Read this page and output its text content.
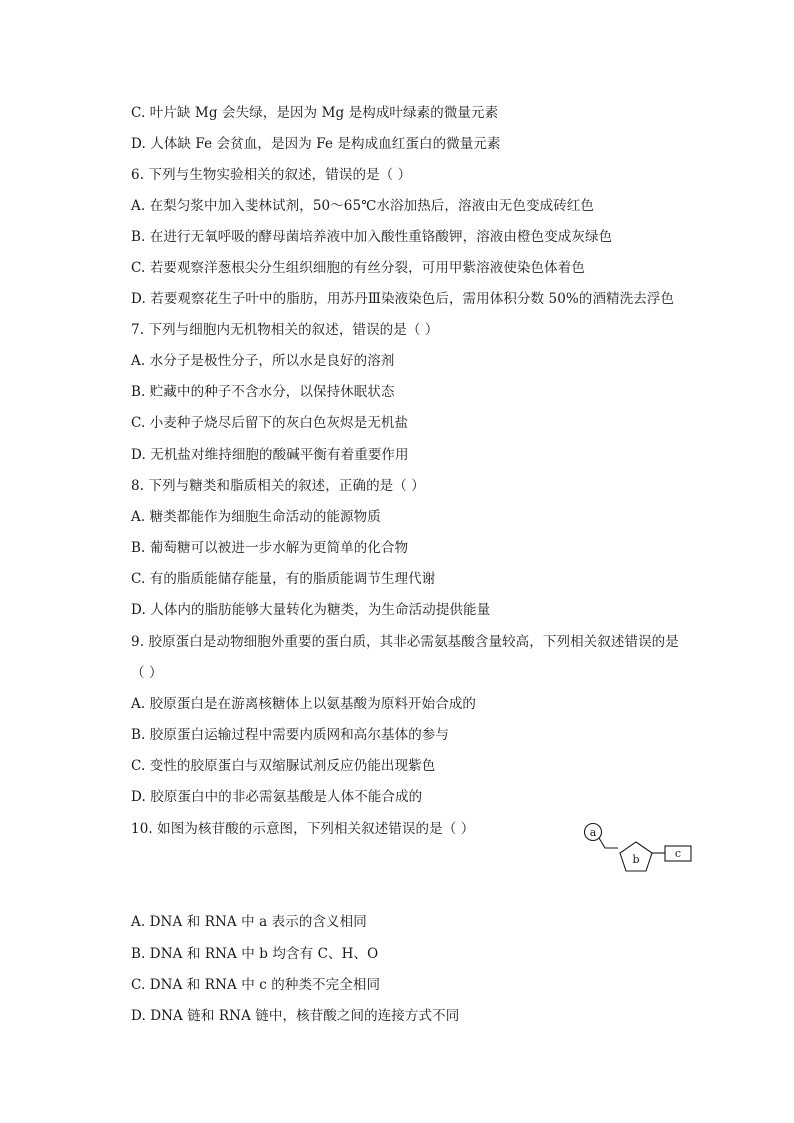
C. 叶片缺 Mg 会失绿，是因为 Mg 是构成叶绿素的微量元素
D. 人体缺 Fe 会贫血，是因为 Fe 是构成血红蛋白的微量元素
6. 下列与生物实验相关的叙述，错误的是（ ）
A. 在梨匀浆中加入斐林试剂，50～65℃水浴加热后，溶液由无色变成砖红色
B. 在进行无氧呼吸的酵母菌培养液中加入酸性重铬酸钾，溶液由橙色变成灰绿色
C. 若要观察洋葱根尖分生组织细胞的有丝分裂，可用甲紫溶液使染色体着色
D. 若要观察花生子叶中的脂肪，用苏丹Ⅲ染液染色后，需用体积分数 50%的酒精洗去浮色
7. 下列与细胞内无机物相关的叙述，错误的是（ ）
A. 水分子是极性分子，所以水是良好的溶剂
B. 贮藏中的种子不含水分，以保持休眠状态
C. 小麦种子烧尽后留下的灰白色灰烬是无机盐
D. 无机盐对维持细胞的酸碱平衡有着重要作用
8. 下列与糖类和脂质相关的叙述，正确的是（ ）
A. 糖类都能作为细胞生命活动的能源物质
B. 葡萄糖可以被进一步水解为更简单的化合物
C. 有的脂质能储存能量，有的脂质能调节生理代谢
D. 人体内的脂肪能够大量转化为糖类，为生命活动提供能量
9. 胶原蛋白是动物细胞外重要的蛋白质，其非必需氨基酸含量较高，下列相关叙述错误的是
（ ）
A. 胶原蛋白是在游离核糖体上以氨基酸为原料开始合成的
B. 胶原蛋白运输过程中需要内质网和高尔基体的参与
C. 变性的胶原蛋白与双缩脲试剂反应仍能出现紫色
D. 胶原蛋白中的非必需氨基酸是人体不能合成的
10. 如图为核苷酸的示意图，下列相关叙述错误的是（ ）	a
b	c
A. DNA 和 RNA 中 a 表示的含义相同
B. DNA 和 RNA 中 b 均含有 C、H、O
C. DNA 和 RNA 中 c 的种类不完全相同
D. DNA 链和 RNA 链中，核苷酸之间的连接方式不同
